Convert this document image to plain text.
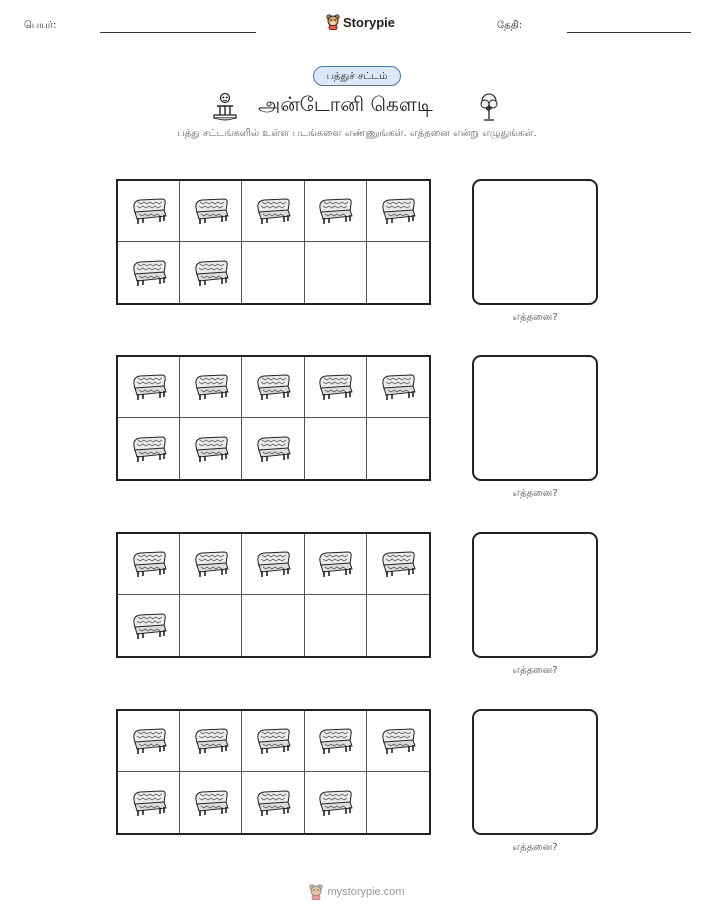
பெயர்:	Storypie	தேதி:
பத்துச் சட்டம்
அன்டோனி கௌடி
பத்து சட்டங்களில் உள்ள படங்களை எண்ணுங்கள். எத்தனை என்று எழுதுங்கள்.
எத்தனை?
எத்தனை?
எத்தனை?
எத்தனை?
mystorypie.com
